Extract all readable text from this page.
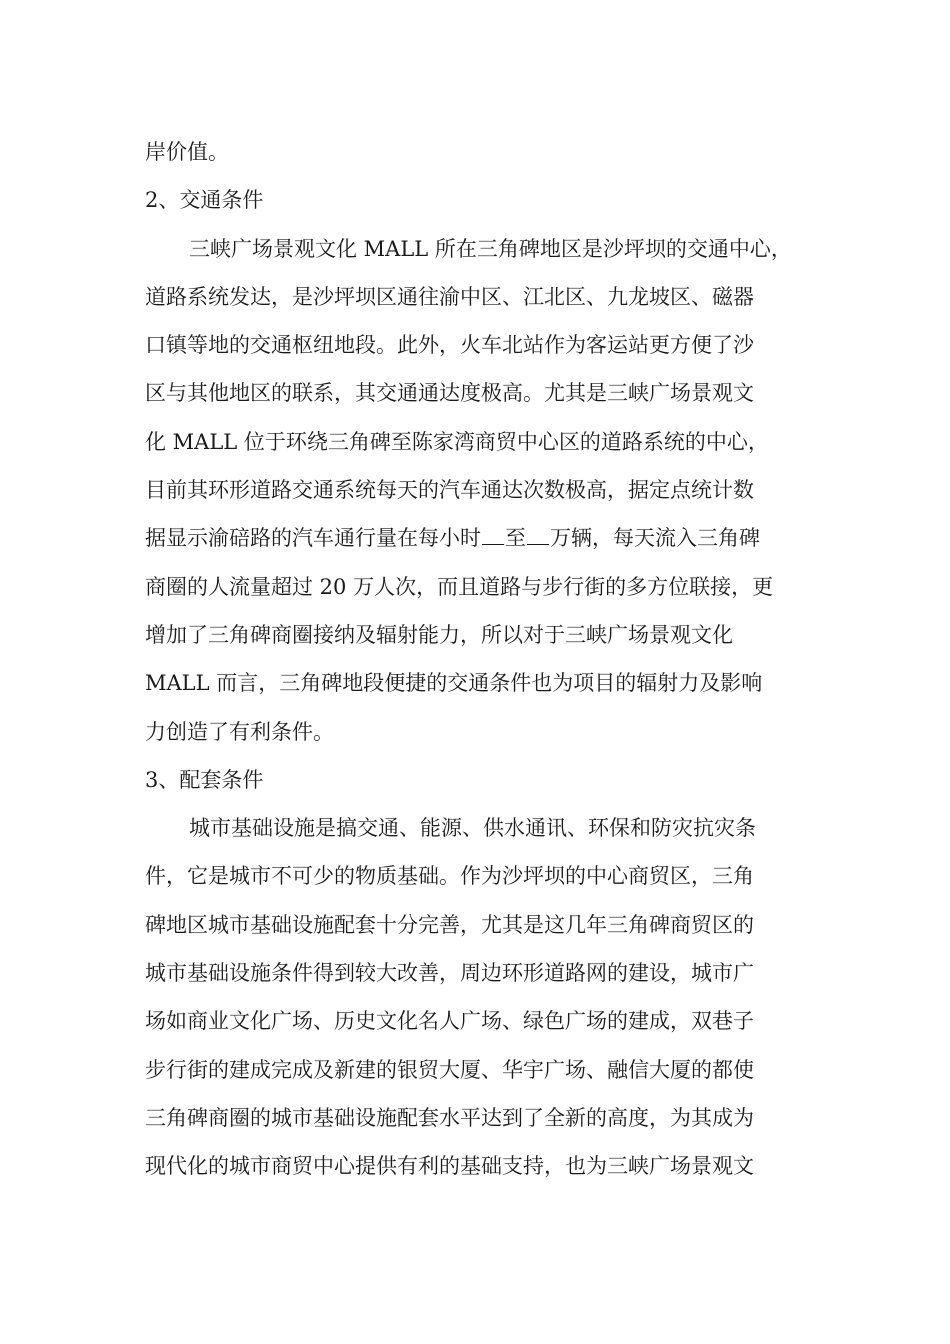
岸价值。
2、交通条件
三峡广场景观文化 MALL 所在三角碑地区是沙坪坝的交通中心，
道路系统发达，是沙坪坝区通往渝中区、江北区、九龙坡区、磁器
口镇等地的交通枢纽地段。此外，火车北站作为客运站更方便了沙
区与其他地区的联系，其交通通达度极高。尤其是三峡广场景观文
化 MALL 位于环绕三角碑至陈家湾商贸中心区的道路系统的中心，
目前其环形道路交通系统每天的汽车通达次数极高，据定点统计数
据显示渝碚路的汽车通行量在每小时 至 万辆，每天流入三角碑
商圈的人流量超过 20 万人次，而且道路与步行街的多方位联接，更
增加了三角碑商圈接纳及辐射能力，所以对于三峡广场景观文化
MALL 而言，三角碑地段便捷的交通条件也为项目的辐射力及影响
力创造了有利条件。
3、配套条件
城市基础设施是搞交通、能源、供水通讯、环保和防灾抗灾条
件，它是城市不可少的物质基础。作为沙坪坝的中心商贸区，三角
碑地区城市基础设施配套十分完善，尤其是这几年三角碑商贸区的
城市基础设施条件得到较大改善，周边环形道路网的建设，城市广
场如商业文化广场、历史文化名人广场、绿色广场的建成，双巷子
步行街的建成完成及新建的银贸大厦、华宇广场、融信大厦的都使
三角碑商圈的城市基础设施配套水平达到了全新的高度，为其成为
现代化的城市商贸中心提供有利的基础支持，也为三峡广场景观文
